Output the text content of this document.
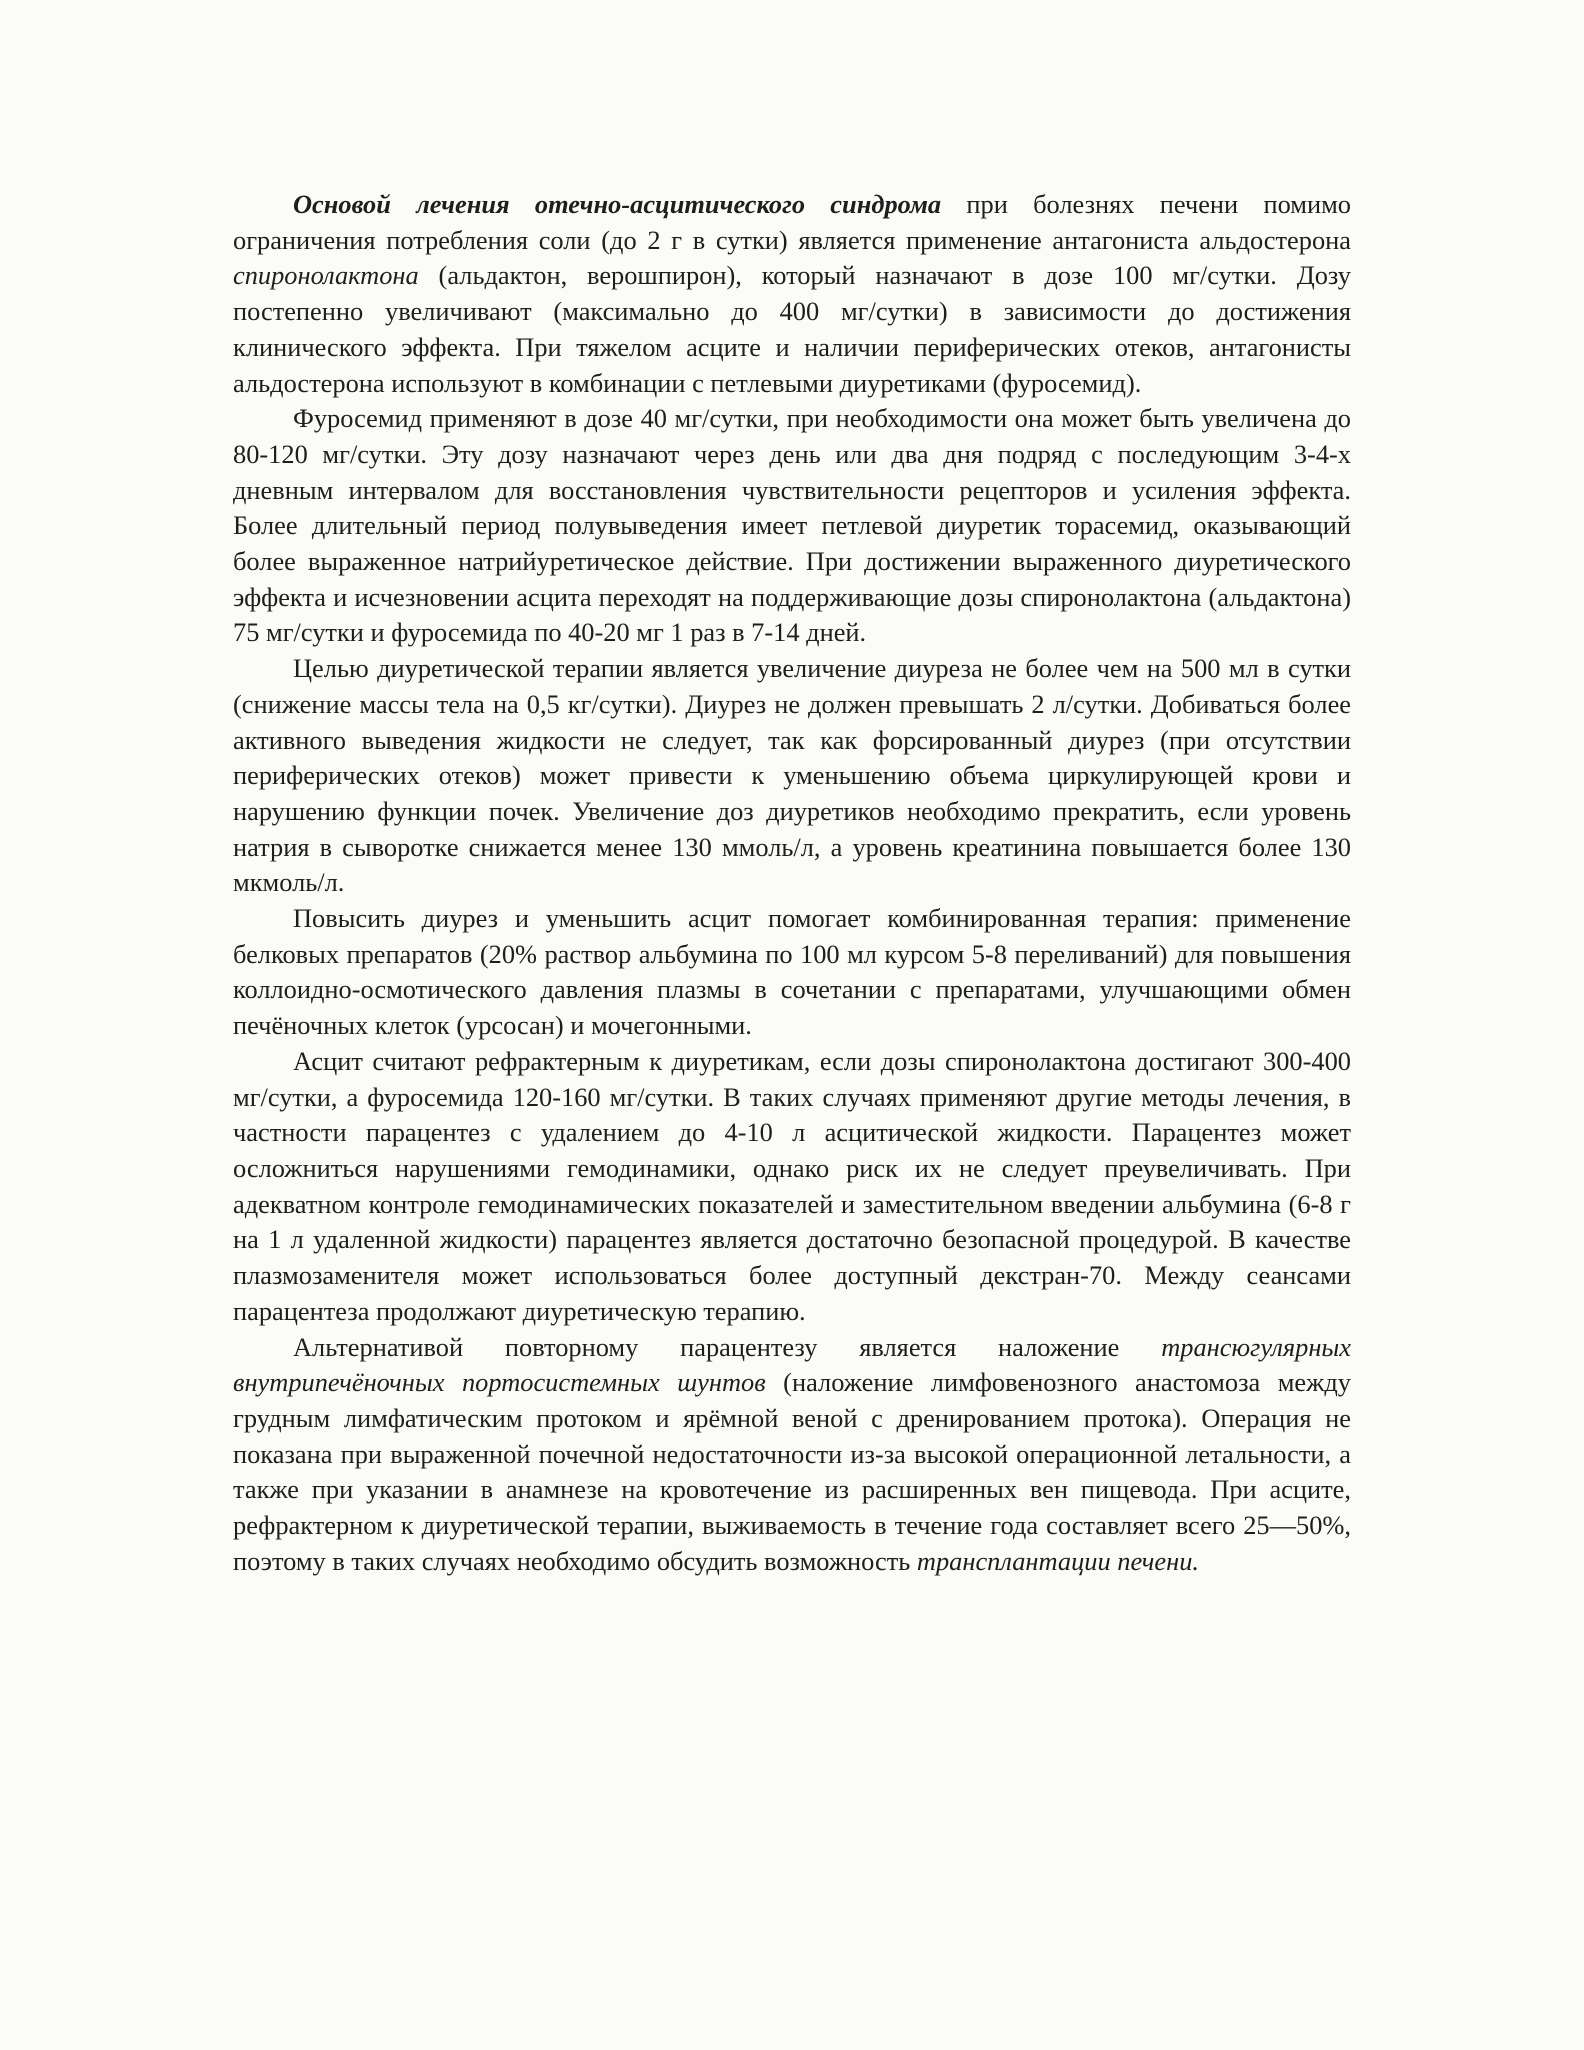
Основой лечения отечно-асцитического синдрома при болезнях печени помимо ограничения потребления соли (до 2 г в сутки) является применение антагониста альдостерона спиронолактона (альдактон, верошпирон), который назначают в дозе 100 мг/сутки. Дозу постепенно увеличивают (максимально до 400 мг/сутки) в зависимости до достижения клинического эффекта. При тяжелом асците и наличии периферических отеков, антагонисты альдостерона используют в комбинации с петлевыми диуретиками (фуросемид).

Фуросемид применяют в дозе 40 мг/сутки, при необходимости она может быть увеличена до 80-120 мг/сутки. Эту дозу назначают через день или два дня подряд с последующим 3-4-х дневным интервалом для восстановления чувствительности рецепторов и усиления эффекта. Более длительный период полувыведения имеет петлевой диуретик торасемид, оказывающий более выраженное натрийуретическое действие. При достижении выраженного диуретического эффекта и исчезновении асцита переходят на поддерживающие дозы спиронолактона (альдактона) 75 мг/сутки и фуросемида по 40-20 мг 1 раз в 7-14 дней.

Целью диуретической терапии является увеличение диуреза не более чем на 500 мл в сутки (снижение массы тела на 0,5 кг/сутки). Диурез не должен превышать 2 л/сутки. Добиваться более активного выведения жидкости не следует, так как форсированный диурез (при отсутствии периферических отеков) может привести к уменьшению объема циркулирующей крови и нарушению функции почек. Увеличение доз диуретиков необходимо прекратить, если уровень натрия в сыворотке снижается менее 130 ммоль/л, а уровень креатинина повышается более 130 мкмоль/л.

Повысить диурез и уменьшить асцит помогает комбинированная терапия: применение белковых препаратов (20% раствор альбумина по 100 мл курсом 5-8 переливаний) для повышения коллоидно-осмотического давления плазмы в сочетании с препаратами, улучшающими обмен печёночных клеток (урсосан) и мочегонными.

Асцит считают рефрактерным к диуретикам, если дозы спиронолактона достигают 300-400 мг/сутки, а фуросемида 120-160 мг/сутки. В таких случаях применяют другие методы лечения, в частности парацентез с удалением до 4-10 л асцитической жидкости. Парацентез может осложниться нарушениями гемодинамики, однако риск их не следует преувеличивать. При адекватном контроле гемодинамических показателей и заместительном введении альбумина (6-8 г на 1 л удаленной жидкости) парацентез является достаточно безопасной процедурой. В качестве плазмозаменителя может использоваться более доступный декстран-70. Между сеансами парацентеза продолжают диуретическую терапию.

Альтернативой повторному парацентезу является наложение трансюгулярных внутрипечёночных портосистемных шунтов (наложение лимфовенозного анастомоза между грудным лимфатическим протоком и ярёмной веной с дренированием протока). Операция не показана при выраженной почечной недостаточности из-за высокой операционной летальности, а также при указании в анамнезе на кровотечение из расширенных вен пищевода. При асците, рефрактерном к диуретической терапии, выживаемость в течение года составляет всего 25—50%, поэтому в таких случаях необходимо обсудить возможность трансплантации печени.
